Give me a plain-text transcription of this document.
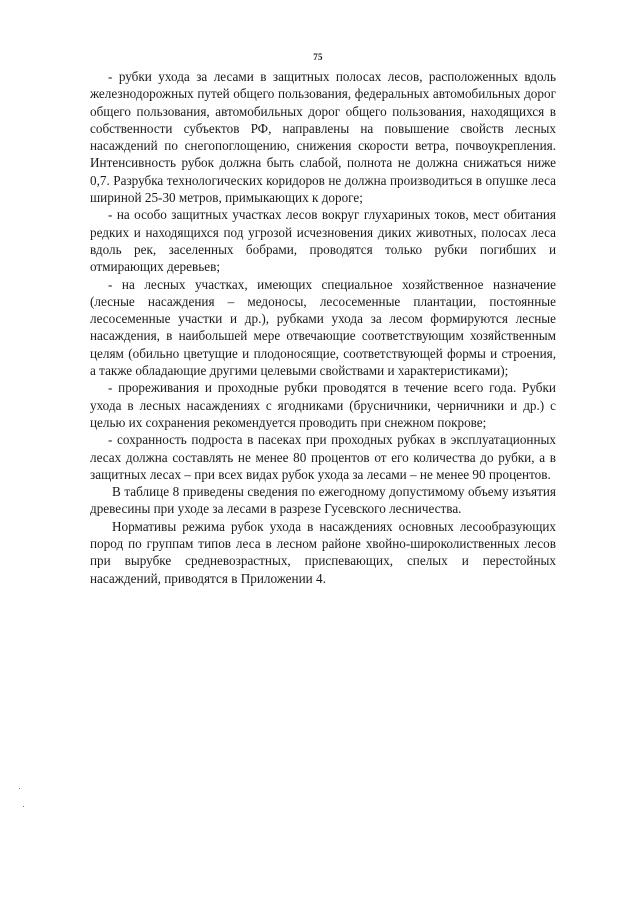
75

- рубки ухода за лесами в защитных полосах лесов, расположенных вдоль железнодорожных путей общего пользования, федеральных автомобильных дорог общего пользования, автомобильных дорог общего пользования, находящихся в собственности субъектов РФ, направлены на повышение свойств лесных насаждений по снегопоглощению, снижения скорости ветра, почвоукрепления. Интенсивность рубок должна быть слабой, полнота не должна снижаться ниже 0,7. Разрубка технологических коридоров не должна производиться в опушке леса шириной 25-30 метров, примыкающих к дороге;

- на особо защитных участках лесов вокруг глухариных токов, мест обитания редких и находящихся под угрозой исчезновения диких животных, полосах леса вдоль рек, заселенных бобрами, проводятся только рубки погибших и отмирающих деревьев;

- на лесных участках, имеющих специальное хозяйственное назначение (лесные насаждения – медоносы, лесосеменные плантации, постоянные лесосеменные участки и др.), рубками ухода за лесом формируются лесные насаждения, в наибольшей мере отвечающие соответствующим хозяйственным целям (обильно цветущие и плодоносящие, соответствующей формы и строения, а также обладающие другими целевыми свойствами и характеристиками);

- прореживания и проходные рубки проводятся в течение всего года. Рубки ухода в лесных насаждениях с ягодниками (брусничники, черничники и др.) с целью их сохранения рекомендуется проводить при снежном покрове;

- сохранность подроста в пасеках при проходных рубках в эксплуатационных лесах должна составлять не менее 80 процентов от его количества до рубки, а в защитных лесах – при всех видах рубок ухода за лесами – не менее 90 процентов.

В таблице 8 приведены сведения по ежегодному допустимому объему изъятия древесины при уходе за лесами в разрезе Гусевского лесничества.

Нормативы режима рубок ухода в насаждениях основных лесообразующих пород по группам типов леса в лесном районе хвойно-широколиственных лесов при вырубке средневозрастных, приспевающих, спелых и перестойных насаждений, приводятся в Приложении 4.
